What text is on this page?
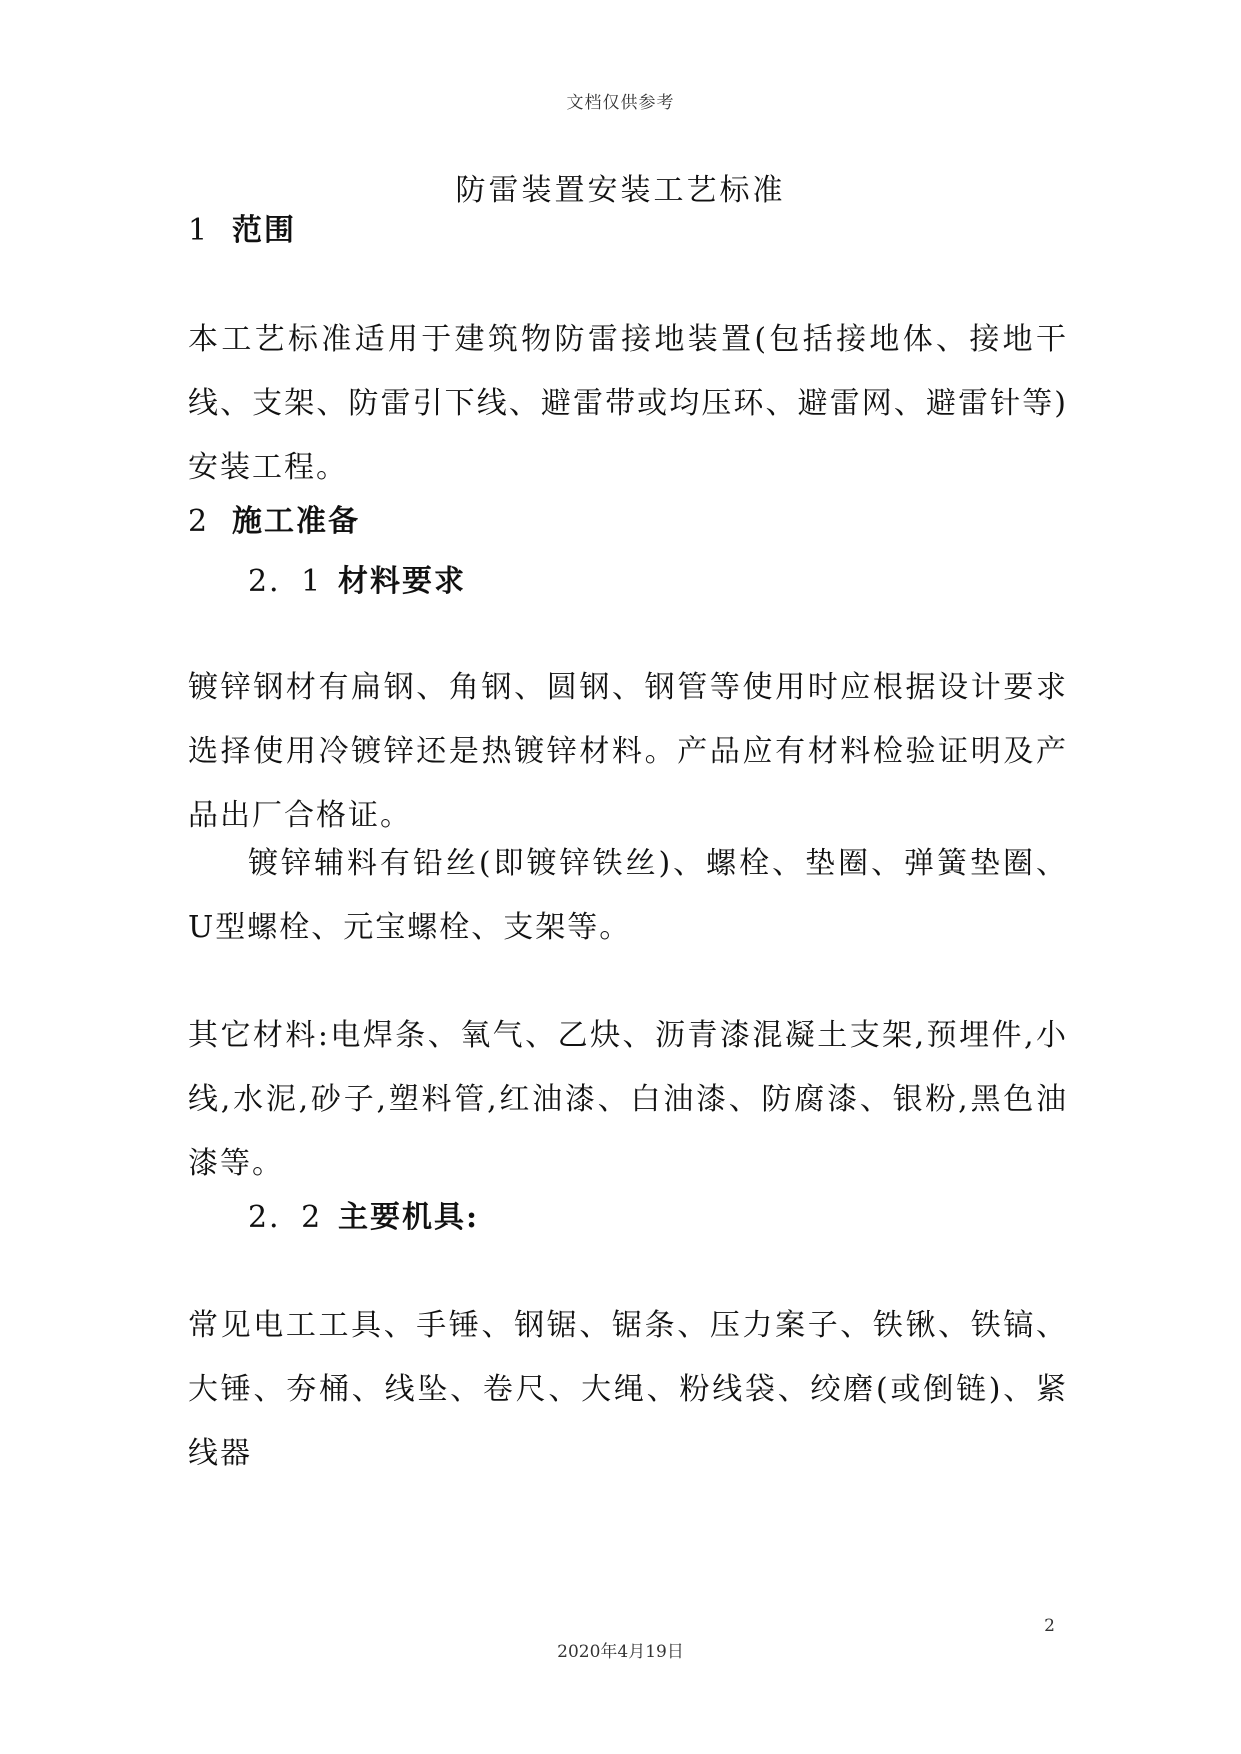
文档仅供参考
防雷装置安装工艺标准
1 范围

本工艺标准适用于建筑物防雷接地装置(包括接地体、接地干线、支架、防雷引下线、避雷带或均压环、避雷网、避雷针等)安装工程。

2 施工准备
2．1 材料要求

镀锌钢材有扁钢、角钢、圆钢、钢管等使用时应根据设计要求选择使用冷镀锌还是热镀锌材料。产品应有材料检验证明及产品出厂合格证。

镀锌辅料有铅丝(即镀锌铁丝)、螺栓、垫圈、弹簧垫圈、U型螺栓、元宝螺栓、支架等。

其它材料:电焊条、氧气、乙炔、沥青漆混凝土支架,预埋件,小线,水泥,砂子,塑料管,红油漆、白油漆、防腐漆、银粉,黑色油漆等。

2．2 主要机具:

常见电工工具、手锤、钢锯、锯条、压力案子、铁锹、铁镐、大锤、夯桶、线坠、卷尺、大绳、粉线袋、绞磨(或倒链)、紧线器

2
2020年4月19日
